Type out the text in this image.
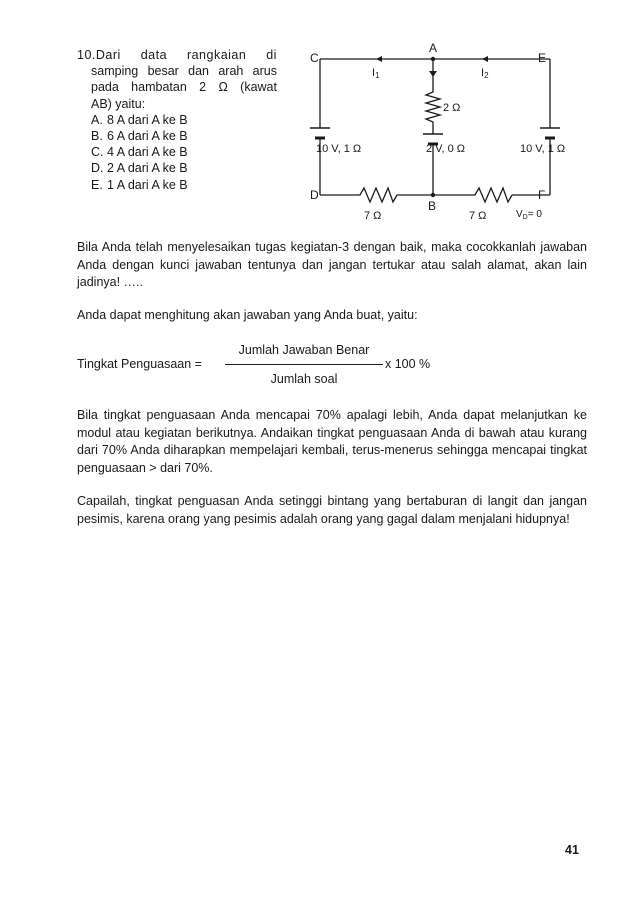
10.Dari data rangkaian di
samping besar dan arah arus
pada hambatan 2 Ω (kawat
AB) yaitu:
A. 8 A dari A ke B
B. 6 A dari A ke B
C. 4 A dari A ke B
D. 2 A dari A ke B
E. 1 A dari A ke B
C
A
E
D
B
F
I1	I2
2 Ω
10 V, 1 Ω	2 V, 0 Ω	10 V, 1 Ω
7 Ω	7 Ω	$V_D= 0$

Bila Anda telah menyelesaikan tugas kegiatan-3 dengan baik, maka cocokkanlah jawaban Anda dengan kunci jawaban tentunya dan jangan tertukar atau salah alamat, akan lain jadinya! …..

Anda dapat menghitung akan jawaban yang Anda buat, yaitu:

Tingkat Penguasaan =
Jumlah Jawaban Benar
x 100 %
Jumlah soal

Bila tingkat penguasaan Anda mencapai 70% apalagi lebih, Anda dapat melanjutkan ke modul atau kegiatan berikutnya. Andaikan tingkat penguasaan Anda di bawah atau kurang dari 70% Anda diharapkan mempelajari kembali, terus-menerus sehingga mencapai tingkat penguasaan > dari 70%.

Capailah, tingkat penguasan Anda setinggi bintang yang bertaburan di langit dan jangan pesimis, karena orang yang pesimis adalah orang yang gagal dalam menjalani hidupnya!

41
